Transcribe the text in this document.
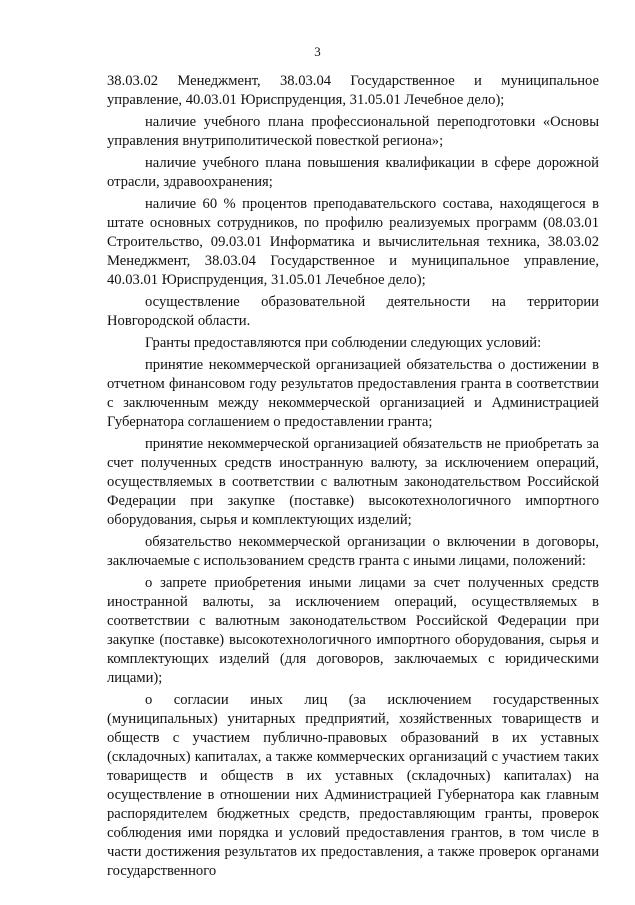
3

38.03.02 Менеджмент, 38.03.04 Государственное и муниципальное управление, 40.03.01 Юриспруденция, 31.05.01 Лечебное дело);

наличие учебного плана профессиональной переподготовки «Основы управления внутриполитической повесткой региона»;

наличие учебного плана повышения квалификации в сфере дорожной отрасли, здравоохранения;

наличие 60 % процентов преподавательского состава, находящегося в штате основных сотрудников, по профилю реализуемых программ (08.03.01 Строительство, 09.03.01 Информатика и вычислительная техника, 38.03.02 Менеджмент, 38.03.04 Государственное и муниципальное управление, 40.03.01 Юриспруденция, 31.05.01 Лечебное дело);

осуществление образовательной деятельности на территории Новгородской области.

Гранты предоставляются при соблюдении следующих условий:

принятие некоммерческой организацией обязательства о достижении в отчетном финансовом году результатов предоставления гранта в соответствии с заключенным между некоммерческой организацией и Администрацией Губернатора соглашением о предоставлении гранта;

принятие некоммерческой организацией обязательств не приобретать за счет полученных средств иностранную валюту, за исключением операций, осуществляемых в соответствии с валютным законодательством Российской Федерации при закупке (поставке) высокотехнологичного импортного оборудования, сырья и комплектующих изделий;

обязательство некоммерческой организации о включении в договоры, заключаемые с использованием средств гранта с иными лицами, положений:

о запрете приобретения иными лицами за счет полученных средств иностранной валюты, за исключением операций, осуществляемых в соответствии с валютным законодательством Российской Федерации при закупке (поставке) высокотехнологичного импортного оборудования, сырья и комплектующих изделий (для договоров, заключаемых с юридическими лицами);

о согласии иных лиц (за исключением государственных (муниципальных) унитарных предприятий, хозяйственных товариществ и обществ с участием публично-правовых образований в их уставных (складочных) капиталах, а также коммерческих организаций с участием таких товариществ и обществ в их уставных (складочных) капиталах) на осуществление в отношении них Администрацией Губернатора как главным распорядителем бюджетных средств, предоставляющим гранты, проверок соблюдения ими порядка и условий предоставления грантов, в том числе в части достижения результатов их предоставления, а также проверок органами государственного
